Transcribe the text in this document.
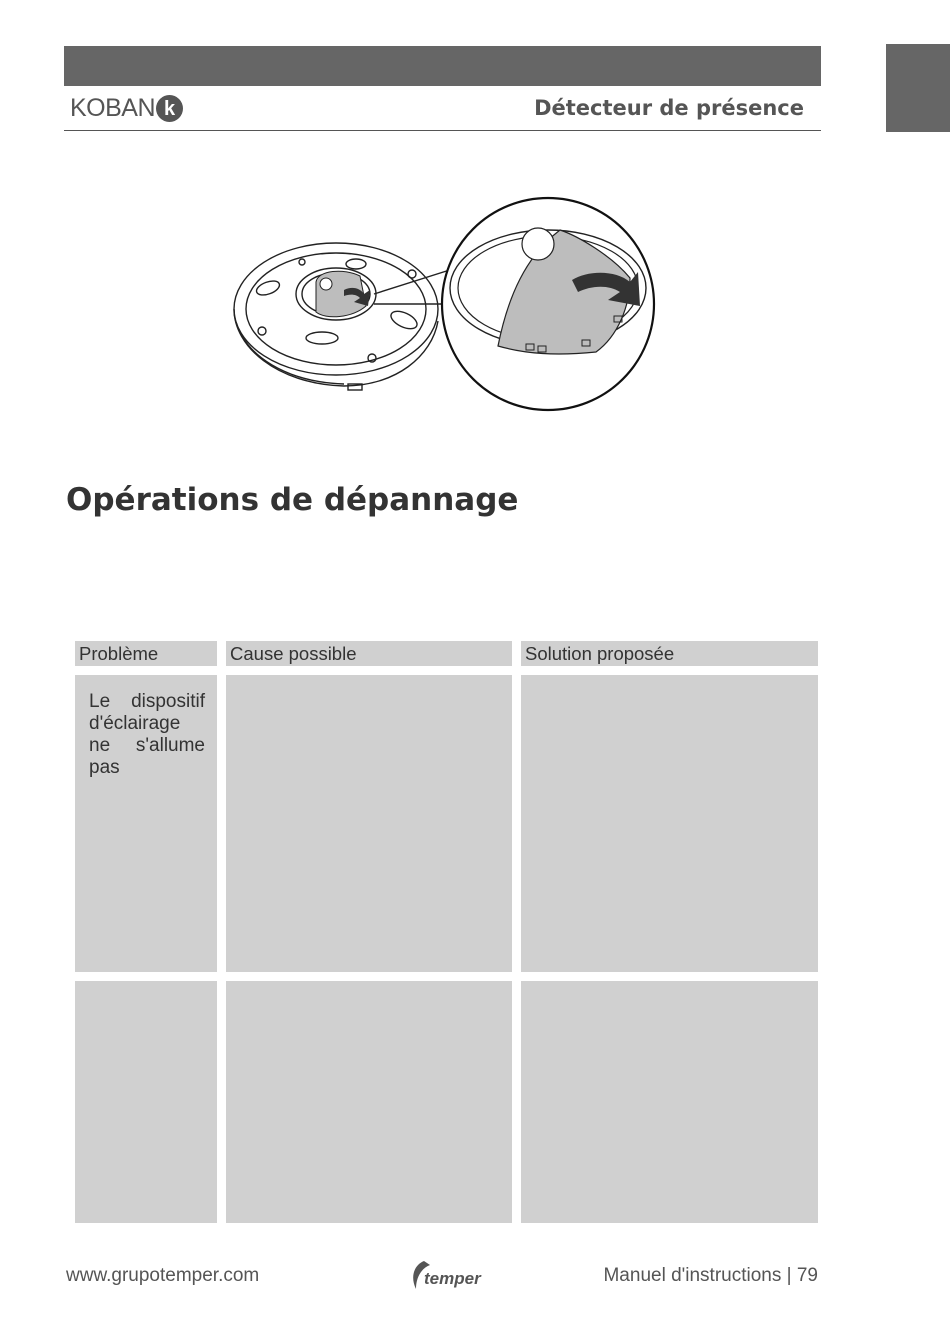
KOBAN k	Détecteur de présence
Opérations de dépannage
Problème	Cause possible	Solution proposée
Le dispositif d'éclairage ne s'allume pas
www.grupotemper.com	temper	Manuel d'instructions | 79
